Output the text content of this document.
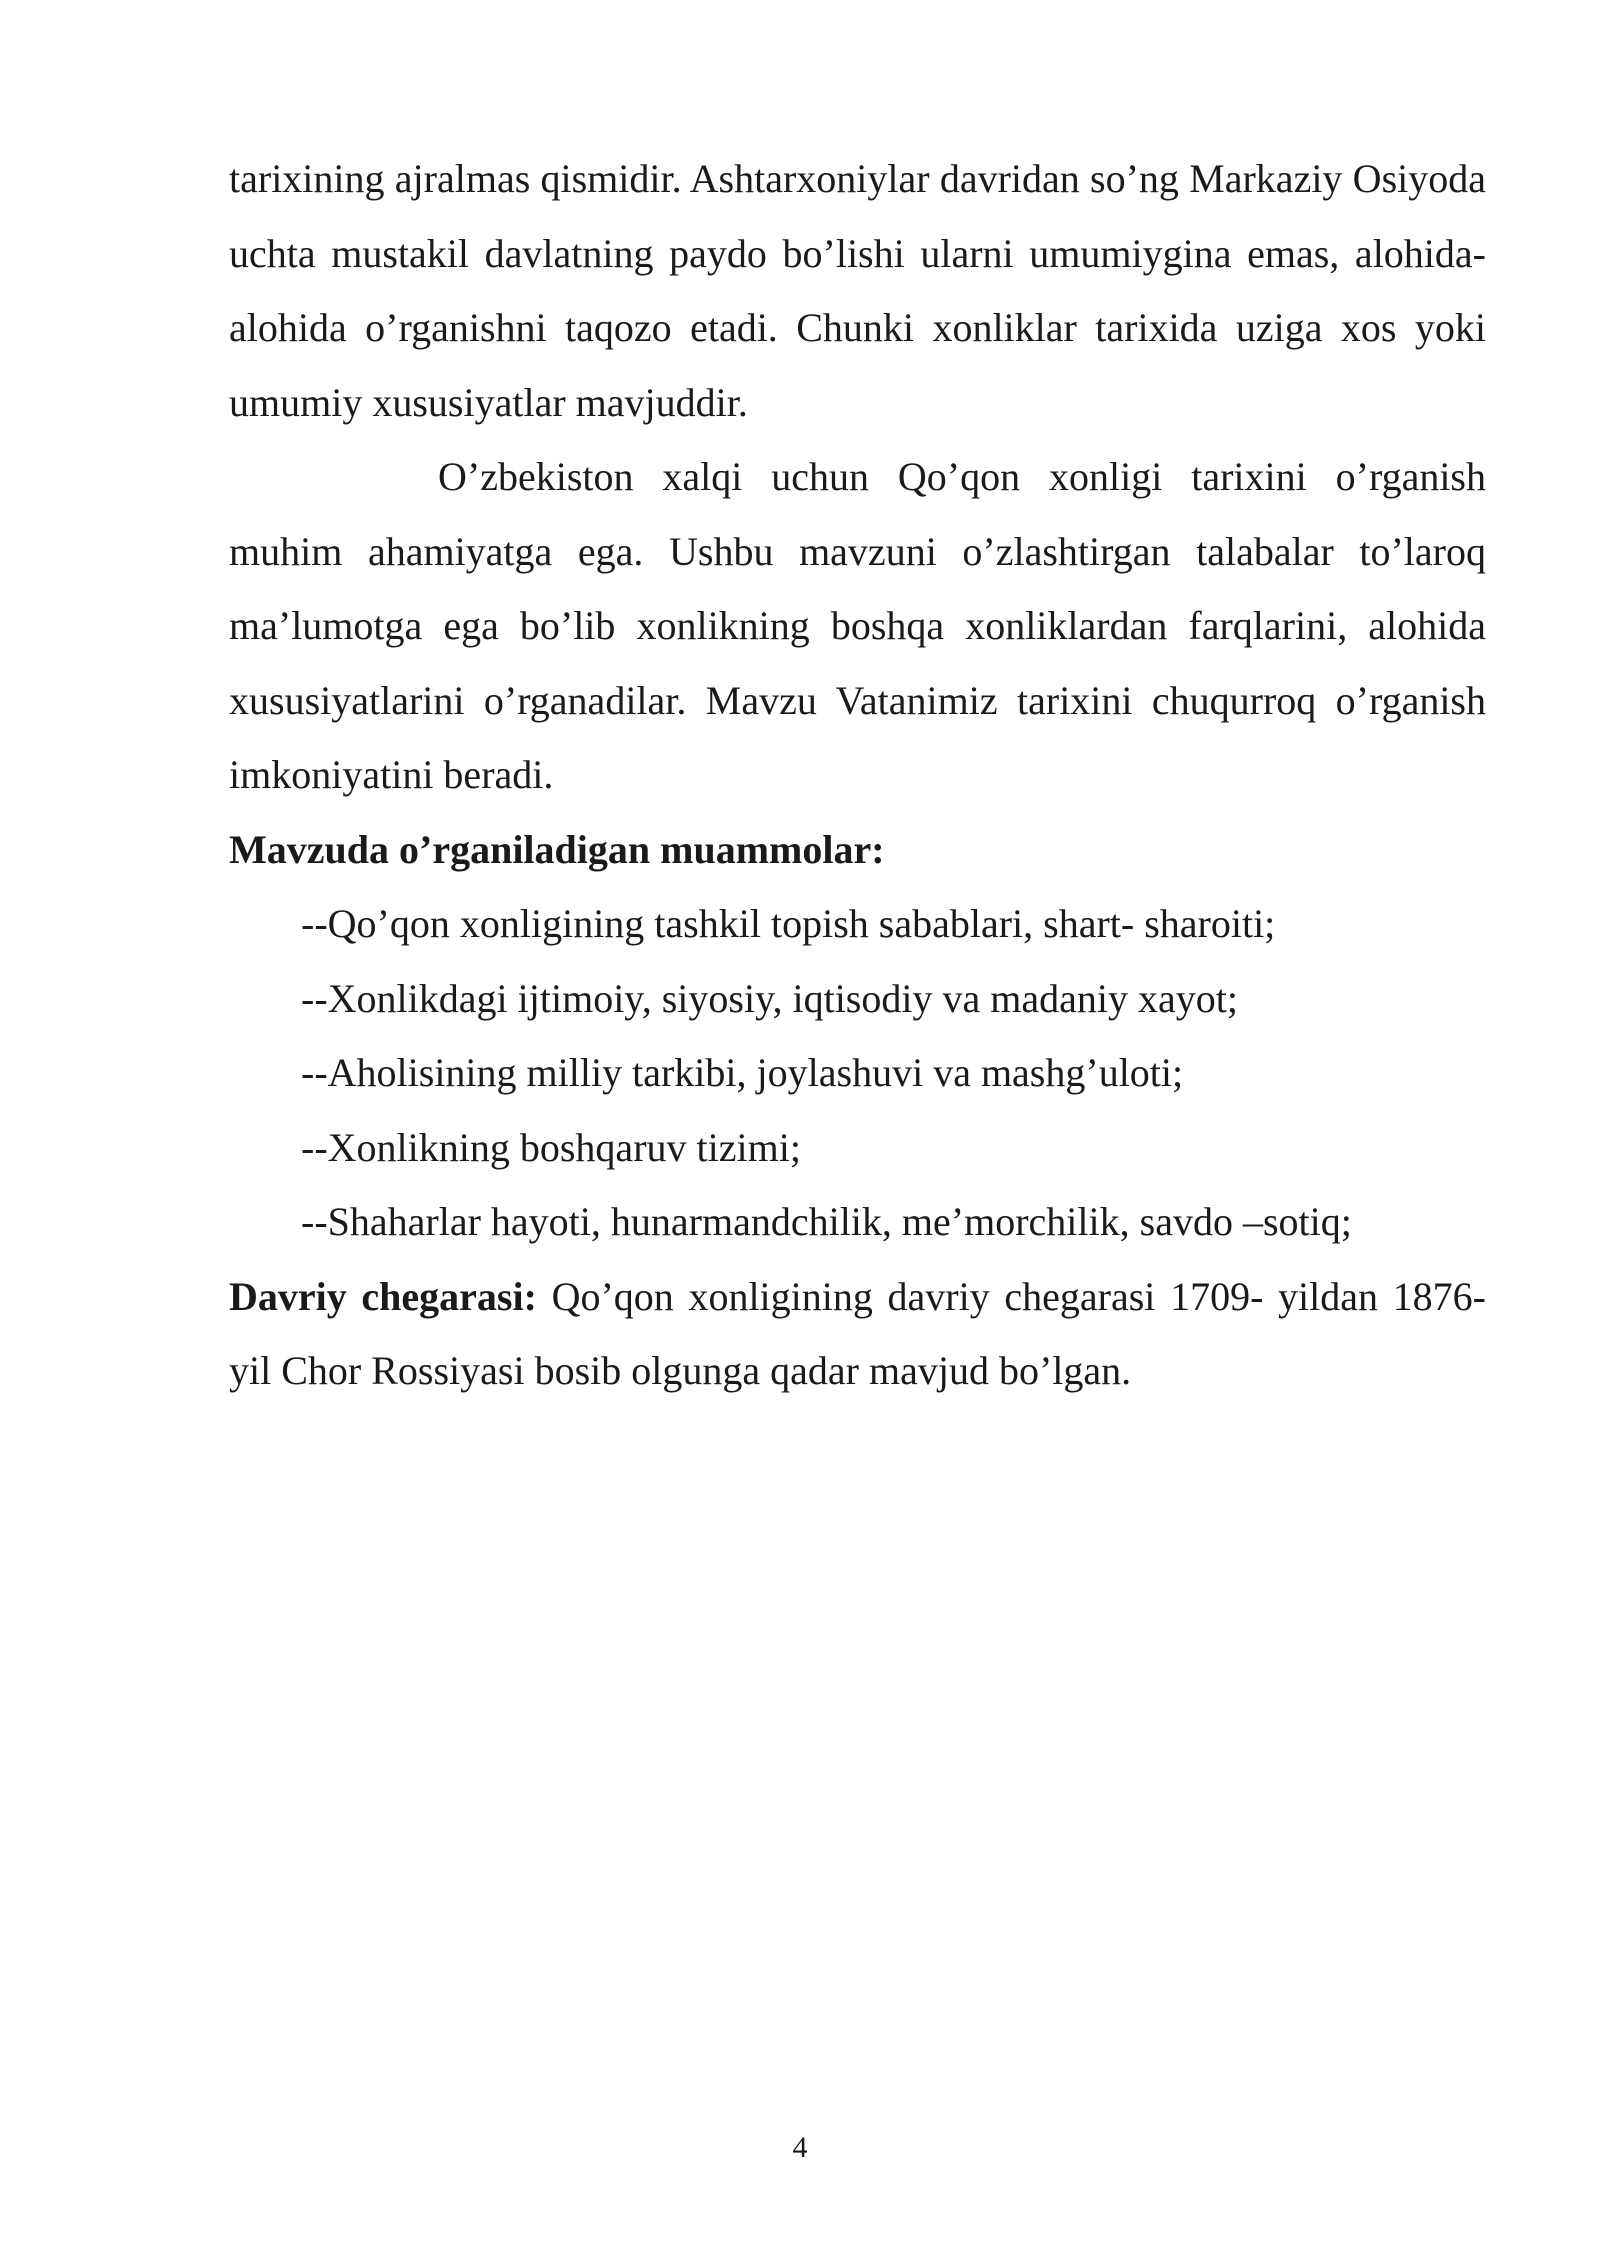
tarixining ajralmas qismidir. Ashtarxoniylar davridan so’ng Markaziy Osiyoda uchta mustakil davlatning paydo bo’lishi ularni umumiygina emas, alohida-alohida o’rganishni taqozo etadi. Chunki xonliklar tarixida uziga xos yoki umumiy xususiyatlar mavjuddir.

O’zbekiston xalqi uchun Qo’qon xonligi tarixini o’rganish muhim ahamiyatga ega. Ushbu mavzuni o’zlashtirgan talabalar to’laroq ma’lumotga ega bo’lib xonlikning boshqa xonliklardan farqlarini, alohida xususiyatlarini o’rganadilar. Mavzu Vatanimiz tarixini chuqurroq o’rganish imkoniyatini beradi.

Mavzuda o’rganiladigan muammolar:

--Qo’qon xonligining tashkil topish sabablari, shart- sharoiti;
--Xonlikdagi ijtimoiy, siyosiy, iqtisodiy va madaniy xayot;
--Aholisining milliy tarkibi, joylashuvi va mashg’uloti;
--Xonlikning boshqaruv tizimi;
--Shaharlar hayoti, hunarmandchilik, me’morchilik, savdo –sotiq;

Davriy chegarasi: Qo’qon xonligining davriy chegarasi 1709- yildan 1876-yil Chor Rossiyasi bosib olgunga qadar mavjud bo’lgan.

4
